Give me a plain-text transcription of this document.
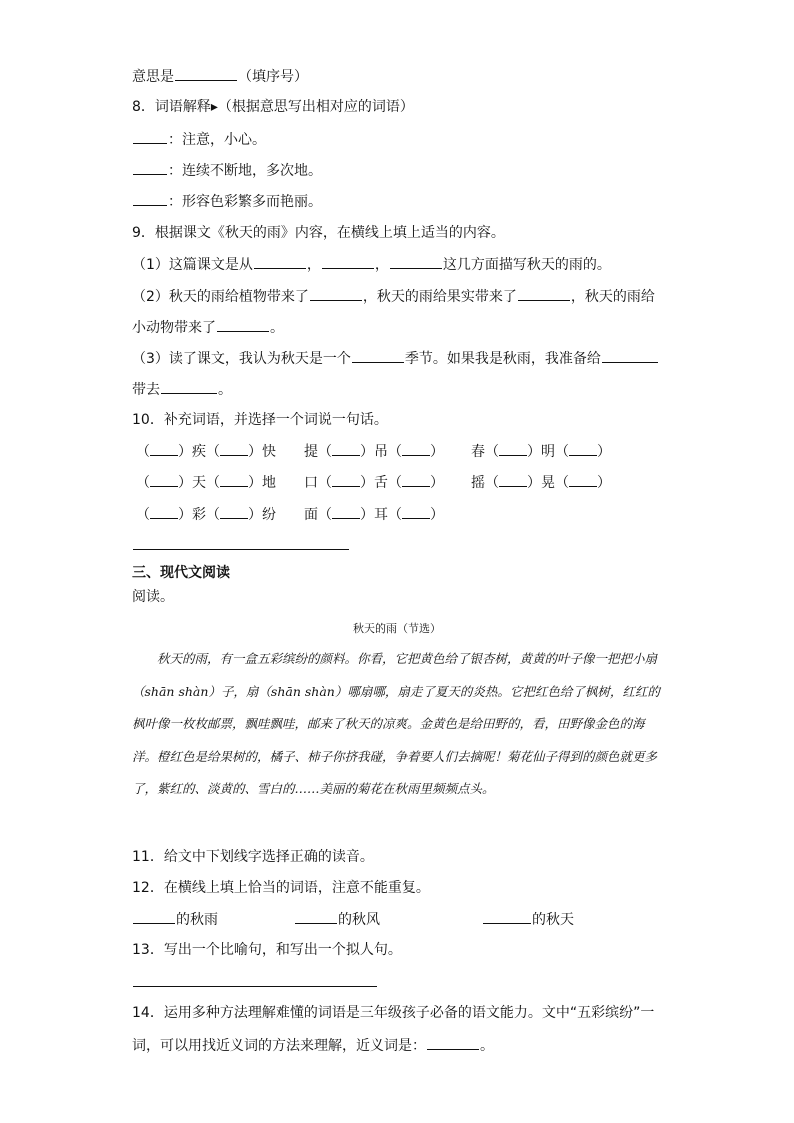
意思是	（填序号）
8．词语解释▸（根据意思写出相对应的词语）
：注意，小心。
：连续不断地，多次地。
：形容色彩繁多而艳丽。
9．根据课文《秋天的雨》内容，在横线上填上适当的内容。
（1）这篇课文是从	，	，	这几方面描写秋天的雨的。
（2）秋天的雨给植物带来了	，秋天的雨给果实带来了	，秋天的雨给
小动物带来了	。
（3）读了课文，我认为秋天是一个	季节。如果我是秋雨，我准备给
带去	。
10．补充词语，并选择一个词说一句话。
（ ）疾（ ）快 提（ ）吊（ ） 春（ ）明（ ）
（ ）天（ ）地 口（ ）舌（ ） 摇（ ）晃（ ）
（ ）彩（ ）纷 面（ ）耳（ ）
三、现代文阅读
阅读。
秋天的雨（节选）

秋天的雨，有一盒五彩缤纷的颜料。你看，它把黄色给了银杏树，黄黄的叶子像一把把小扇（shān shàn）子，扇（shān shàn）哪扇哪，扇走了夏天的炎热。它把红色给了枫树，红红的枫叶像一枚枚邮票，飘哇飘哇，邮来了秋天的凉爽。金黄色是给田野的，看，田野像金色的海洋。橙红色是给果树的，橘子、柿子你挤我碰，争着要人们去摘呢！菊花仙子得到的颜色就更多了，紫红的、淡黄的、雪白的……美丽的菊花在秋雨里频频点头。

11．给文中下划线字选择正确的读音。
12．在横线上填上恰当的词语，注意不能重复。
的秋雨	的秋风	的秋天
13．写出一个比喻句，和写出一个拟人句。
14．运用多种方法理解难懂的词语是三年级孩子必备的语文能力。文中“五彩缤纷”一
词，可以用找近义词的方法来理解，近义词是：	。
